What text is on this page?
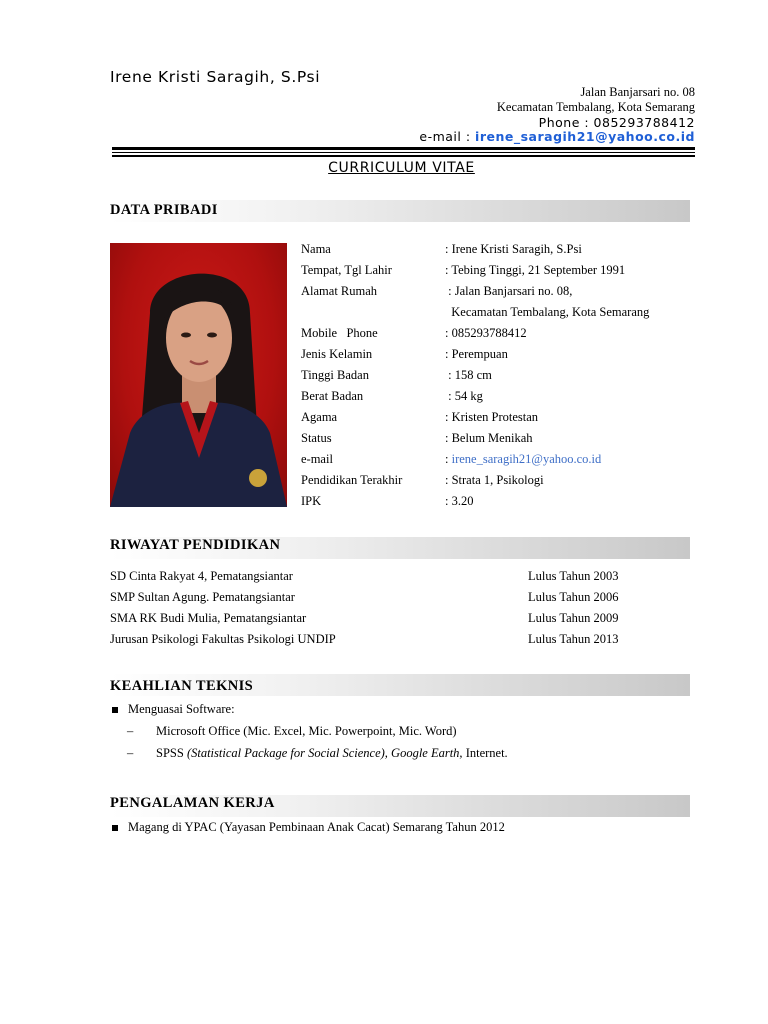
Irene Kristi Saragih, S.Psi
Jalan Banjarsari no. 08
Kecamatan Tembalang, Kota Semarang
Phone : 085293788412
e-mail : irene_saragih21@yahoo.co.id
CURRICULUM VITAE
DATA PRIBADI
Nama	: Irene Kristi Saragih, S.Psi
Tempat, Tgl Lahir	: Tebing Tinggi, 21 September 1991
Alamat Rumah	: Jalan Banjarsari no. 08,
Kecamatan Tembalang, Kota Semarang
Mobile   Phone	: 085293788412
Jenis Kelamin	: Perempuan
Tinggi Badan	: 158 cm
Berat Badan	: 54 kg
Agama	: Kristen Protestan
Status	: Belum Menikah
e-mail	: irene_saragih21@yahoo.co.id
Pendidikan Terakhir	: Strata 1, Psikologi
IPK	: 3.20
RIWAYAT PENDIDIKAN
SD Cinta Rakyat 4, Pematangsiantar	Lulus Tahun 2003
SMP Sultan Agung. Pematangsiantar	Lulus Tahun 2006
SMA RK Budi Mulia, Pematangsiantar	Lulus Tahun 2009
Jurusan Psikologi Fakultas Psikologi UNDIP	Lulus Tahun 2013
KEAHLIAN TEKNIS
Menguasai Software:
– Microsoft Office (Mic. Excel, Mic. Powerpoint, Mic. Word)
– SPSS (Statistical Package for Social Science), Google Earth, Internet.
PENGALAMAN KERJA
Magang di YPAC (Yayasan Pembinaan Anak Cacat) Semarang Tahun 2012
